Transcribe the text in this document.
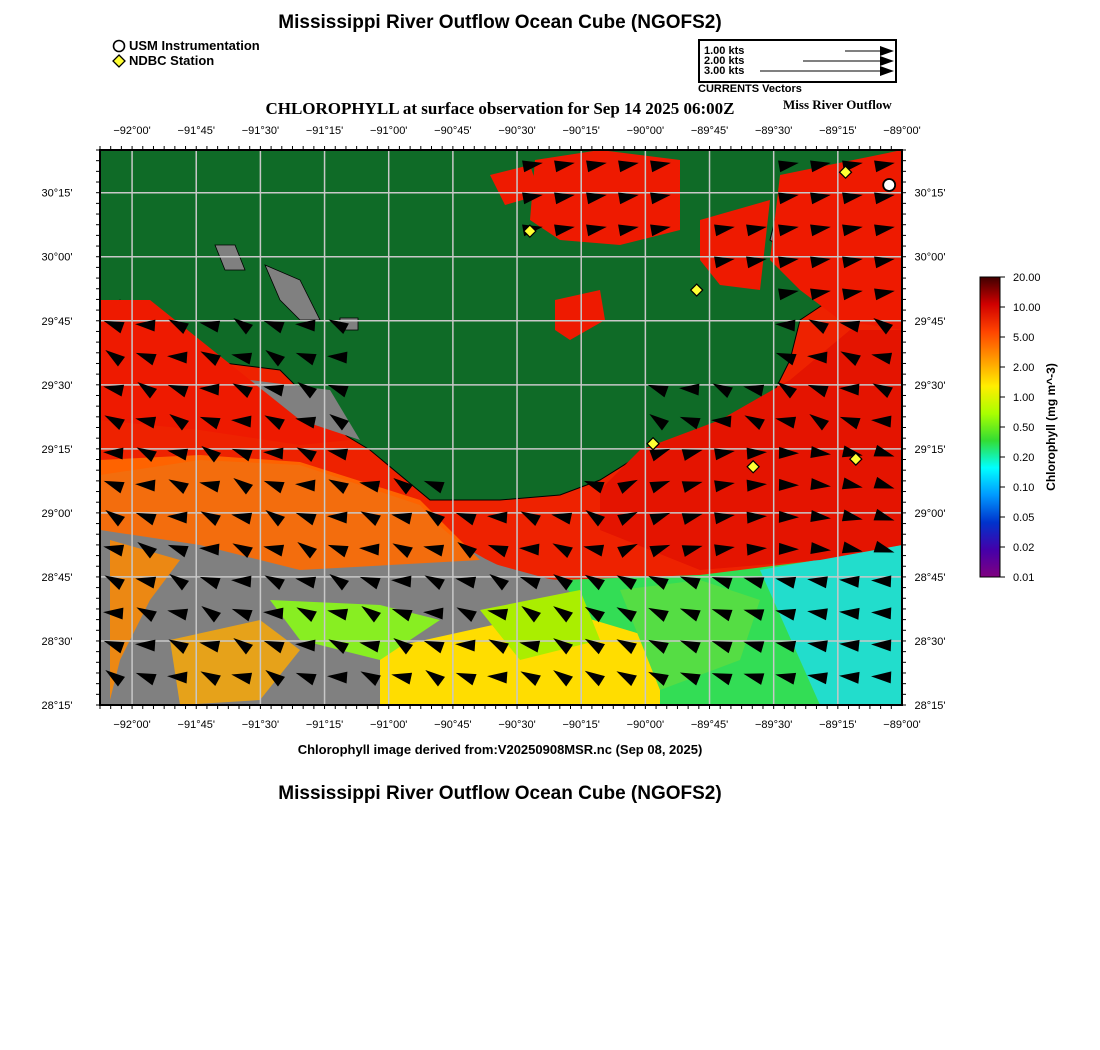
Mississippi River Outflow Ocean Cube (NGOFS2)
USM Instrumentation
NDBC Station
1.00 kts
2.00 kts
3.00 kts
CURRENTS Vectors
CHLOROPHYLL at surface observation for Sep 14 2025 06:00Z	Miss River Outflow
−92°00'
−92°00'
−91°45'
−91°45'
−91°30'
−91°30'
−91°15'
−91°15'
−91°00'
−91°00'
−90°45'
−90°45'
−90°30'
−90°30'
−90°15'
−90°15'
−90°00'
−90°00'
−89°45'
−89°45'
−89°30'
−89°30'
−89°15'
−89°15'
−89°00'
−89°00'
30°15'	30°15'
30°00'	30°00'
29°45'	29°45'
29°30'	29°30'
29°15'	29°15'
29°00'	29°00'
28°45'	28°45'
28°30'	28°30'
28°15'	28°15'
20.00
10.00
5.00
2.00
1.00
0.50
0.20
0.10
0.05
0.02
0.01
Chlorophyll (mg m^-3)
Chlorophyll image derived from:V20250908MSR.nc (Sep 08, 2025)
Mississippi River Outflow Ocean Cube (NGOFS2)
